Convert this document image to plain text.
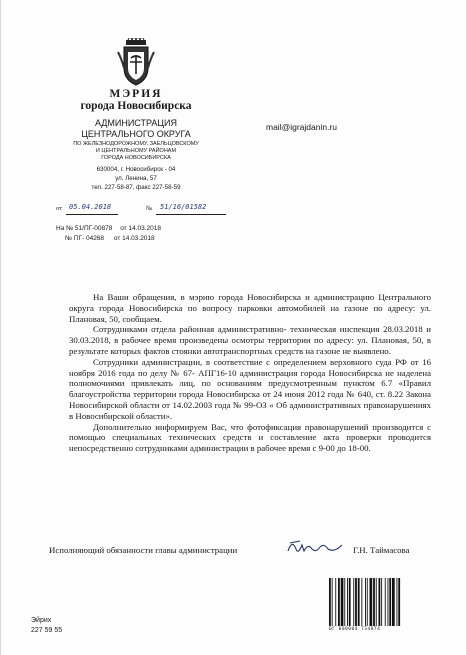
МЭРИЯ
города Новосибирска
АДМИНИСТРАЦИЯ
ЦЕНТРАЛЬНОГО ОКРУГА
ПО ЖЕЛЕЗНОДОРОЖНОМУ, ЗАЕЛЬЦОВСКОМУ
И ЦЕНТРАЛЬНОМУ РАЙОНАМ
ГОРОДА НОВОСИБИРСКА
630004, г. Новосибирск - 04
ул. Ленина, 57
тел. 227-58-87, факс 227-58-59
mail@igrajdanin.ru
от 05.04.2018	№ 51/16/01582
На № 51/ПГ-00878 от 14.03.2018
№ ПГ- 04268 от 14.03.2018

На Ваши обращения, в мэрию города Новосибирска и администрацию Центрального округа города Новосибирска по вопросу парковки автомобилей на газоне по адресу: ул. Плановая, 50, сообщаем.

Сотрудниками отдела районная административно- техническая инспекция 28.03.2018 и 30.03.2018, в рабочее время произведены осмотры территории по адресу: ул. Плановая, 50, в результате которых фактов стоянки автотранспортных средств на газоне не выявлено.

Сотрудники администрации, в соответствие с определением верховного суда РФ от 16 ноября 2016 года по делу № 67- АПГ16-10 администрация города Новосибирска не наделена полномочиями привлекать лиц, по основаниям предусмотренным пунктом 6.7 «Правил благоустройства территории города Новосибирска от 24 июня 2012 года № 640, ст. 8.22 Закона Новосибирской области от 14.02.2003 года № 99-ОЗ « Об административных правонарушениях в Новосибирской области».

Дополнительно информируем Вас, что фотофиксация правонарушений производится с помощью специальных технических средств и составление акта проверки проводится непосредственно сотрудниками администрации в рабочее время с 9-00 до 18-00.

Исполняющий обязанности главы администрации	Г.Н. Таймасова
Эйрих
227 59 55	0Г 000004 734874
